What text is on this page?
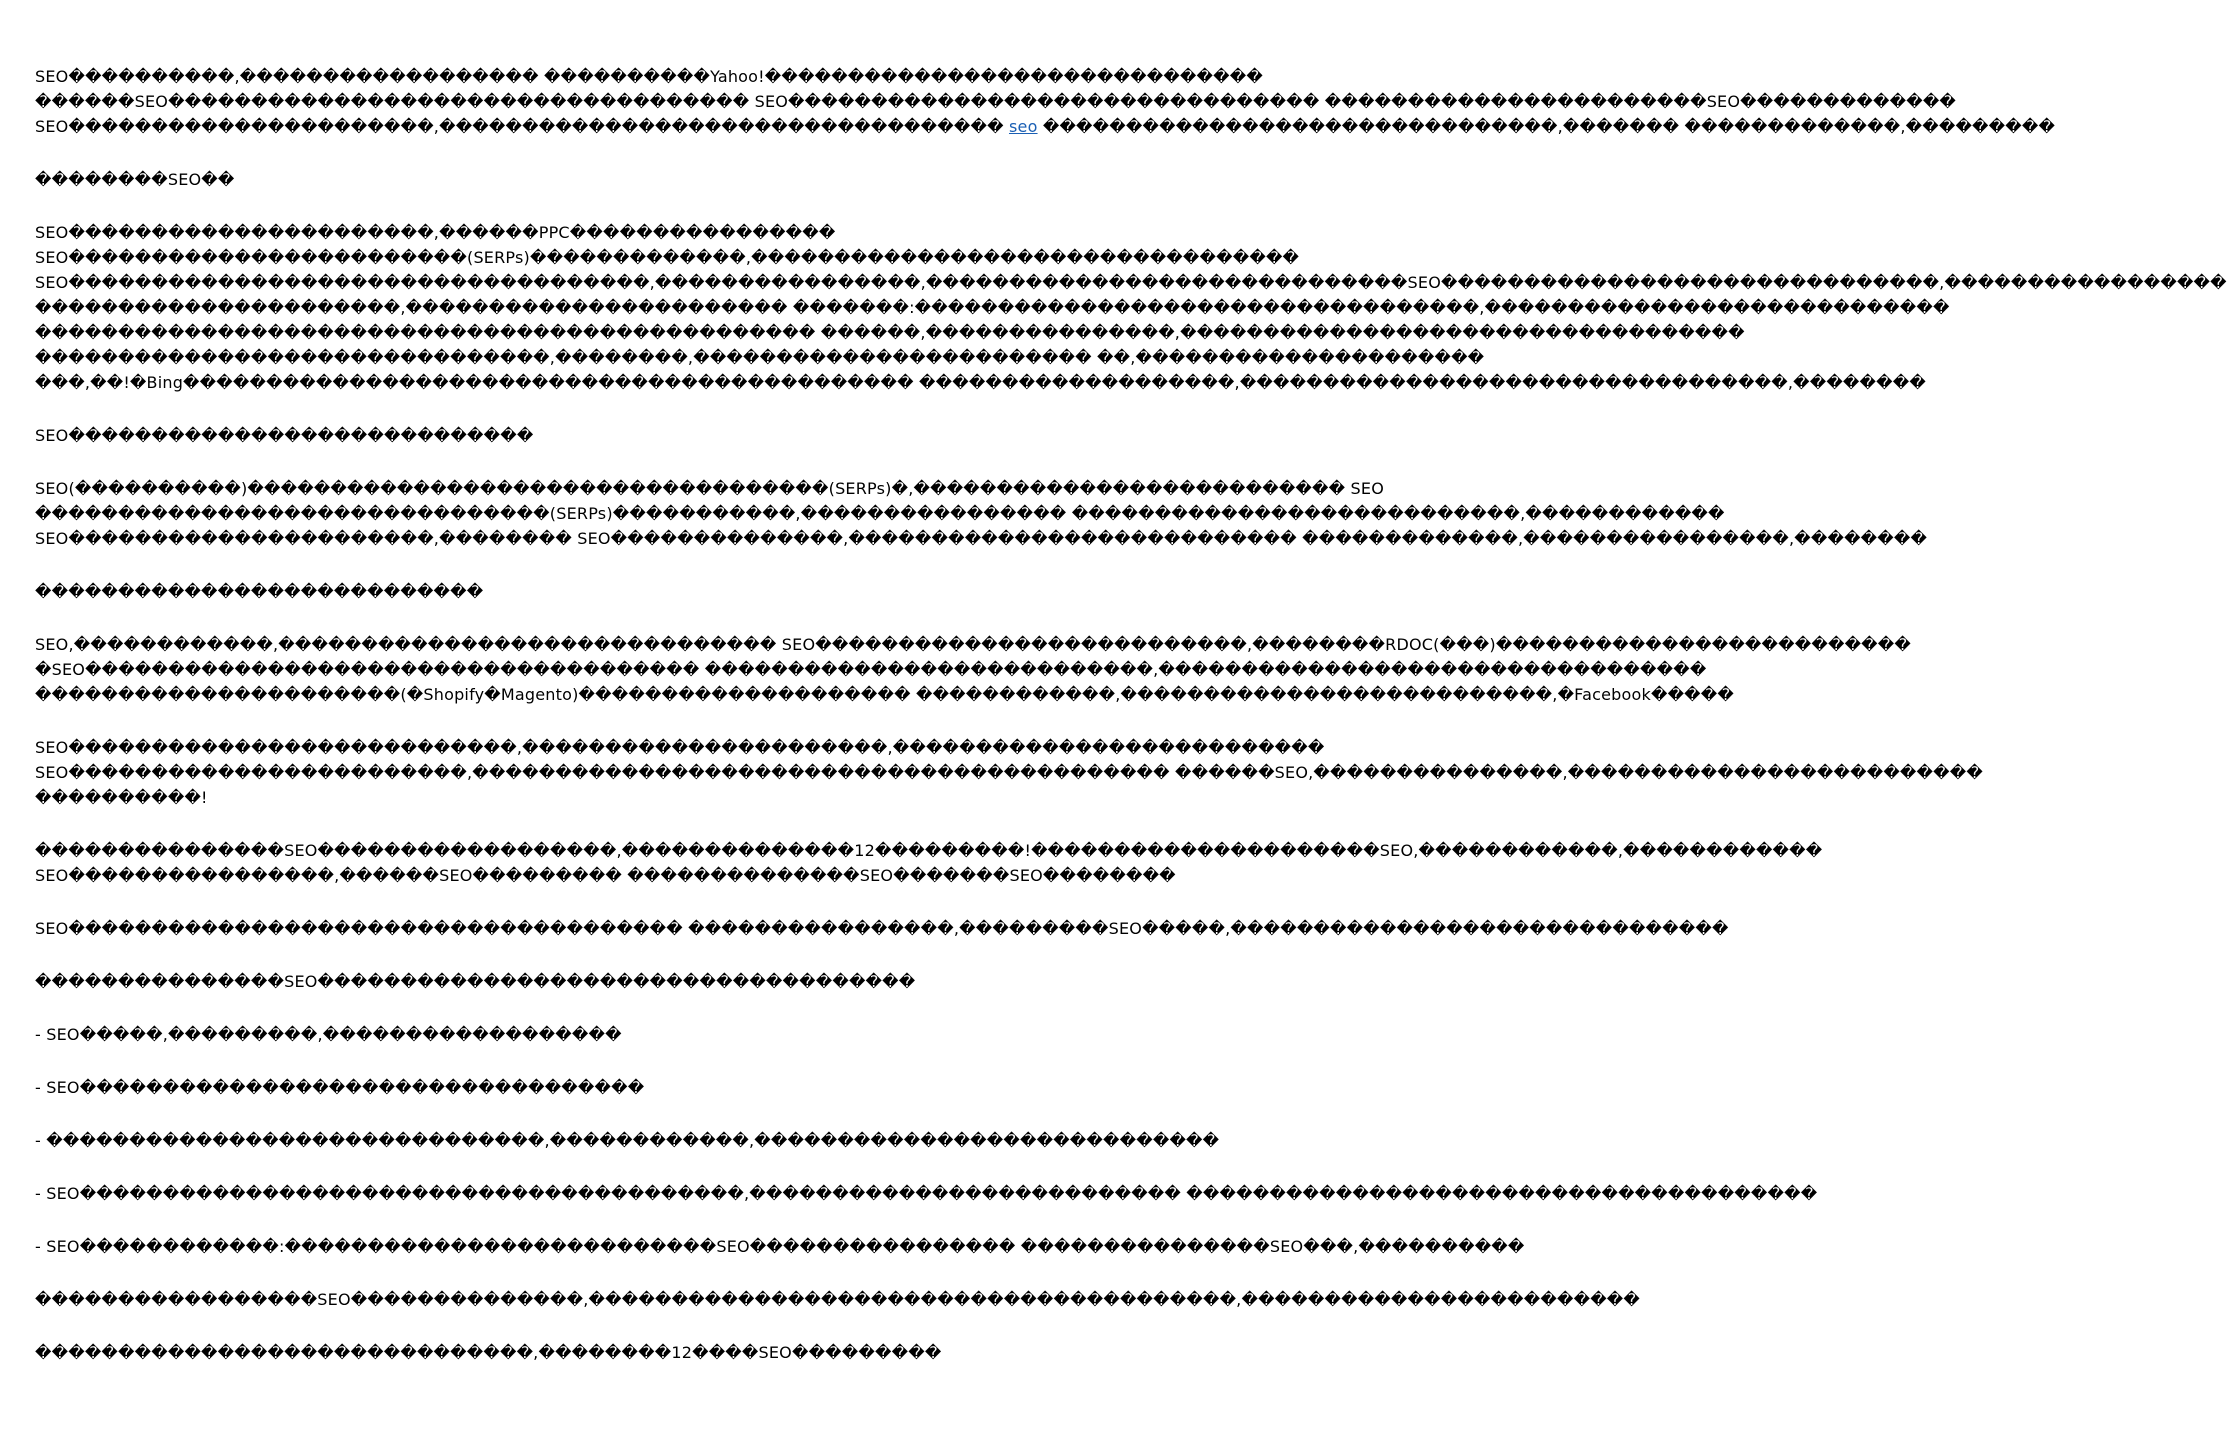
SEO����������,������������������ ����������Yahoo!������������������������������
������SEO����������������������������������� SEO�������������������������������� �����������������������SEO�������������
SEO����������������������,���������������������������������� seo �������������������������������,������� �������������,���������
��������SEO��
SEO����������������������,������PPC����������������
SEO������������������������(SERPs)�������������,���������������������������������
SEO�����������������������������������,����������������,�����������������������������SEO������������������������������,�����������������
����������������������,����������������������� �������:����������������������������������,����������������������������
����������������������������������������������� ������,���������������,����������������������������������
�������������������������������,��������,������������������������ ��,���������������������
���,��!�Bing�������������������������������������������� �������������������,���������������������������������,��������
SEO����������������������������
SEO(����������)�����������������������������������(SERPs)�,�������������������������� SEO
�������������������������������(SERPs)�����������,���������������� ���������������������������,������������
SEO����������������������,�������� SEO��������������,��������������������������� �������������,����������������,��������
���������������������������
SEO,������������,������������������������������ SEO��������������������������,��������RDOC(���)�������������������������
�SEO������������������������������������� ���������������������������,���������������������������������
����������������������(�Shopify�Magento)�������������������� ������������,��������������������������,�Facebook�����
SEO���������������������������,����������������������,��������������������������
SEO������������������������,������������������������������������������ ������SEO,���������������,�������������������������
����������!
���������������SEO������������������,��������������12���������!���������������������SEO,������������,������������
SEO����������������,������SEO��������� ��������������SEO�������SEO��������
SEO������������������������������������� ����������������,���������SEO�����,������������������������������
���������������SEO������������������������������������
- SEO�����,���������,������������������
- SEO����������������������������������
- ������������������������������,������������,����������������������������
- SEO����������������������������������������,�������������������������� ��������������������������������������
- SEO������������:��������������������������SEO���������������� ���������������SEO���,����������
�����������������SEO��������������,���������������������������������������,������������������������
������������������������������,��������12����SEO���������
